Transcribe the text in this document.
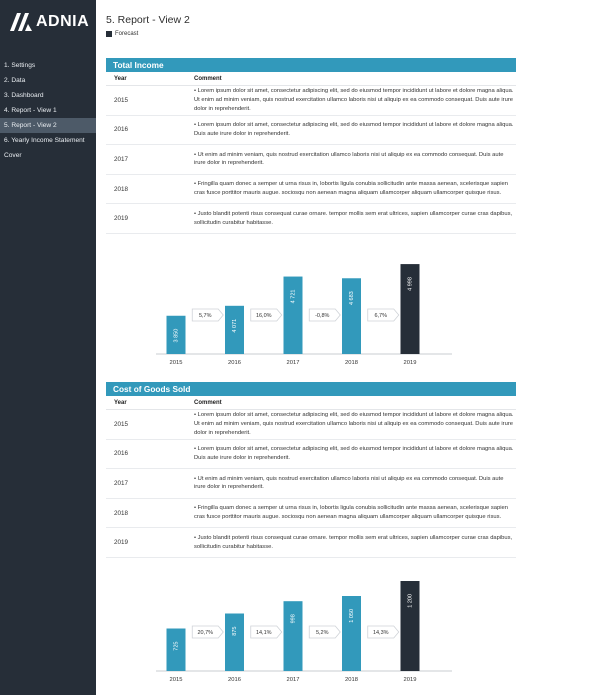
ADNIA
1. Settings
2. Data
3. Dashboard
4. Report - View 1
5. Report - View 2
6. Yearly Income Statement
Cover
5. Report - View 2
Forecast
Total Income
Year	Comment
2015
• Lorem ipsum dolor sit amet, consectetur adipiscing elit, sed do eiusmod tempor incididunt ut labore et dolore magna aliqua. Ut enim ad minim veniam, quis nostrud exercitation ullamco laboris nisi ut aliquip ex ea commodo consequat. Duis aute irure dolor in reprehenderit.
2016
• Lorem ipsum dolor sit amet, consectetur adipiscing elit, sed do eiusmod tempor incididunt ut labore et dolore magna aliqua. Duis aute irure dolor in reprehenderit.
2017
• Ut enim ad minim veniam, quis nostrud exercitation ullamco laboris nisi ut aliquip ex ea commodo consequat. Duis aute irure dolor in reprehenderit.
2018
• Fringilla quam donec a semper ut urna risus in, lobortis ligula conubia sollicitudin ante massa aenean, scelerisque sapien cras fusce porttitor mauris augue. sociosqu non aenean magna aliquam ullamcorper aliquam ullamcorper quisque risus.
2019
• Justo blandit potenti risus consequat curae ornare. tempor mollis sem erat ultrices, sapien ullamcorper curae cras dapibus, sollicitudin curabitur habitasse.
3 850
2015
4 071
2016
4 721
2017
4 683
2018
4 998
2019
5,7%	16,0%	-0,8%	6,7%
Cost of Goods Sold
Year	Comment
2015
• Lorem ipsum dolor sit amet, consectetur adipiscing elit, sed do eiusmod tempor incididunt ut labore et dolore magna aliqua. Ut enim ad minim veniam, quis nostrud exercitation ullamco laboris nisi ut aliquip ex ea commodo consequat. Duis aute irure dolor in reprehenderit.
2016
• Lorem ipsum dolor sit amet, consectetur adipiscing elit, sed do eiusmod tempor incididunt ut labore et dolore magna aliqua. Duis aute irure dolor in reprehenderit.
2017
• Ut enim ad minim veniam, quis nostrud exercitation ullamco laboris nisi ut aliquip ex ea commodo consequat. Duis aute irure dolor in reprehenderit.
2018
• Fringilla quam donec a semper ut urna risus in, lobortis ligula conubia sollicitudin ante massa aenean, scelerisque sapien cras fusce porttitor mauris augue. sociosqu non aenean magna aliquam ullamcorper aliquam ullamcorper quisque risus.
2019
• Justo blandit potenti risus consequat curae ornare. tempor mollis sem erat ultrices, sapien ullamcorper curae cras dapibus, sollicitudin curabitur habitasse.
725
2015
875
2016
998
2017
1 050
2018
1 200
2019
20,7%	14,1%	5,2%	14,3%
